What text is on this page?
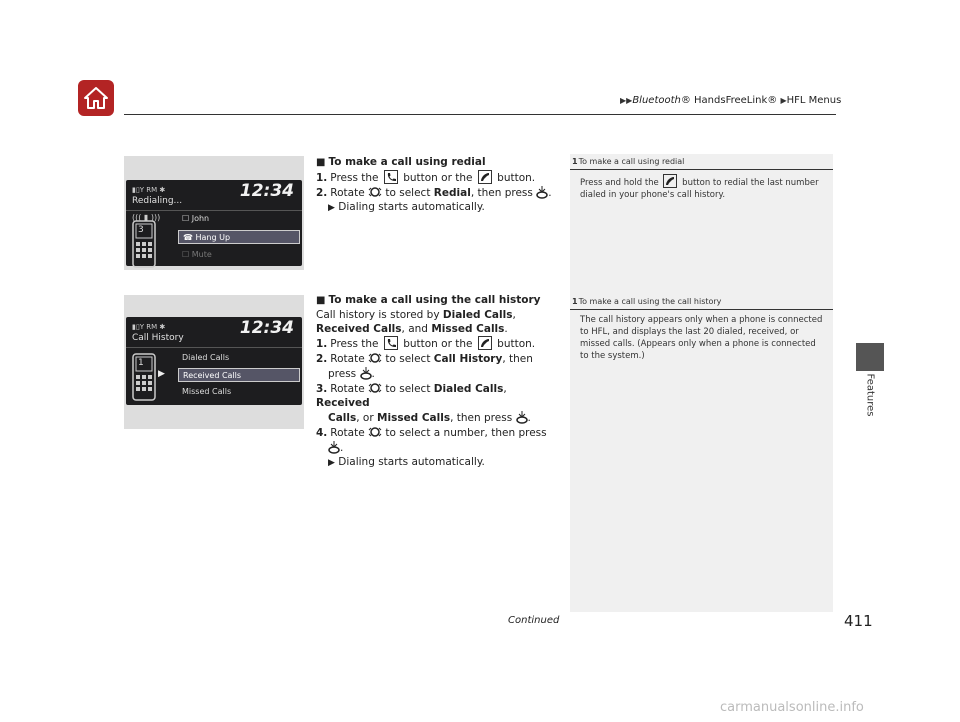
▶▶Bluetooth® HandsFreeLink® ▶HFL Menus
Features
▮▯Y RM ✱	12:34
Redialing...
((( ▮ )))	☐ John
3
☎ Hang Up
☐ Mute
▮▯Y RM ✱	12:34
Call History
1
Dialed Calls
Received Calls
Missed Calls
▶
■ To make a call using redial
1. Press the button or the button.
2. Rotate to select Redial, then press .
▶ Dialing starts automatically.
■ To make a call using the call history
Call history is stored by Dialed Calls,
Received Calls, and Missed Calls.
1. Press the button or the button.
2. Rotate to select Call History, then
press .
3. Rotate to select Dialed Calls, Received
Calls, or Missed Calls, then press .
4. Rotate to select a number, then press
.
▶ Dialing starts automatically.
1To make a call using redial
Press and hold the	button to redial the last number dialed in your phone's call history.
1To make a call using the call history
The call history appears only when a phone is connected to HFL, and displays the last 20 dialed, received, or missed calls. (Appears only when a phone is connected to the system.)
Continued	411
carmanualsonline.info
